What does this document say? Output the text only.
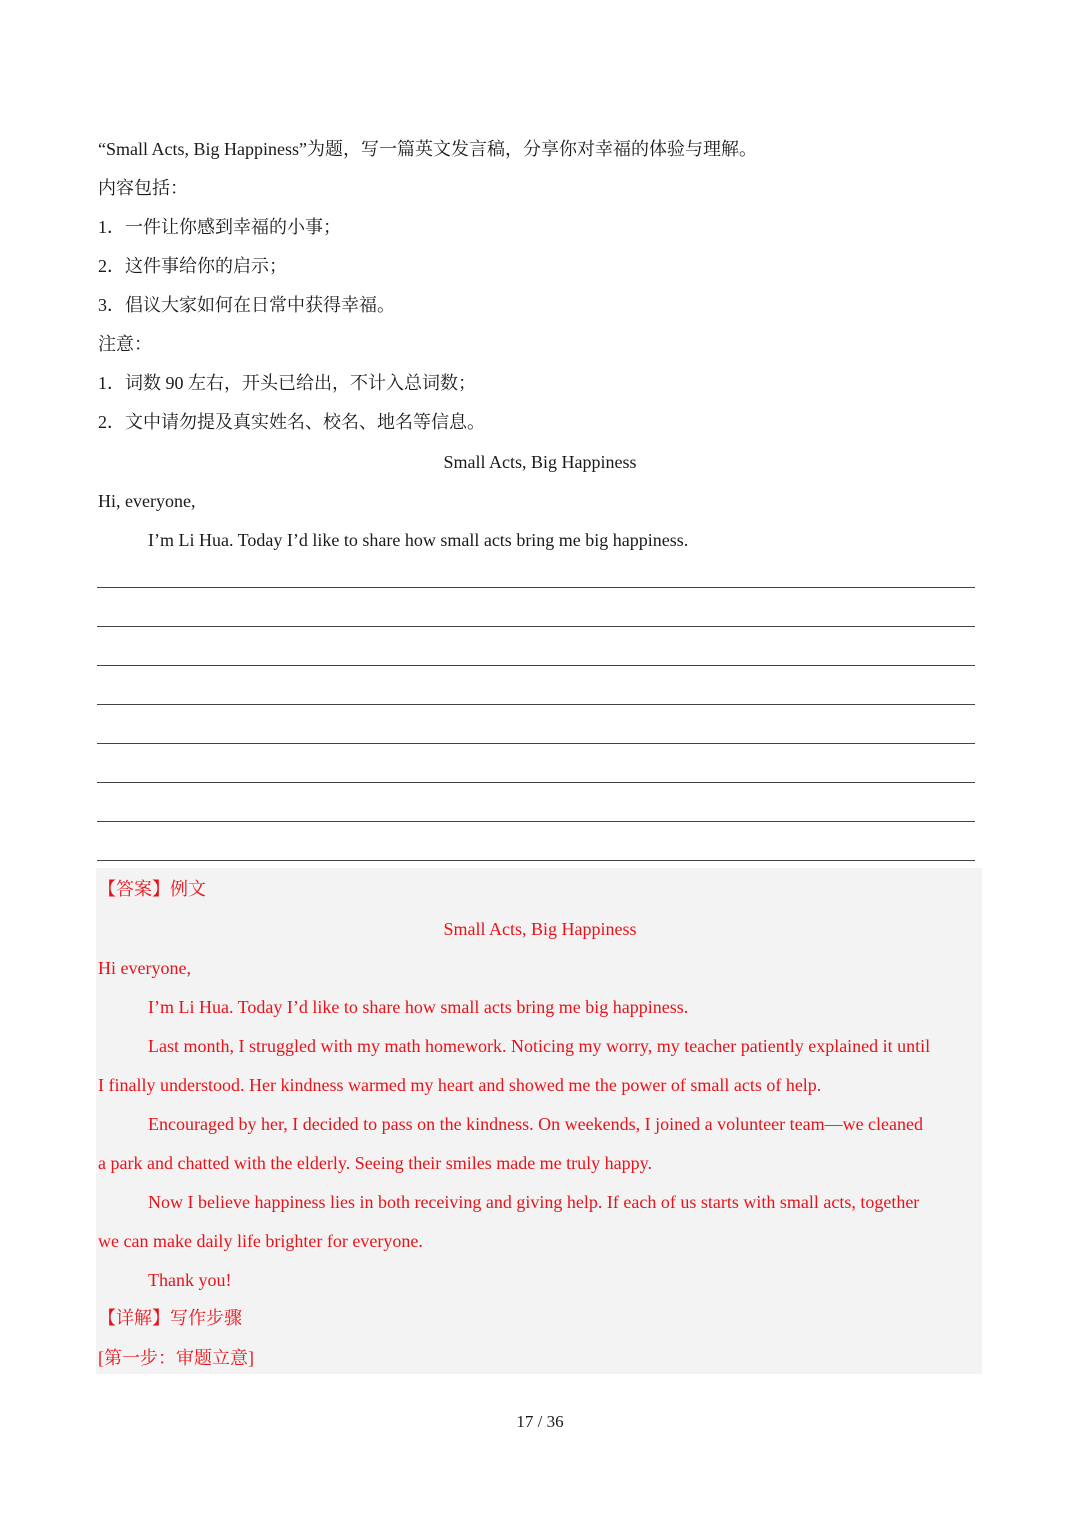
“Small Acts, Big Happiness”为题，写一篇英文发言稿，分享你对幸福的体验与理解。
内容包括：
1．一件让你感到幸福的小事；
2．这件事给你的启示；
3．倡议大家如何在日常中获得幸福。
注意：
1．词数 90 左右，开头已给出，不计入总词数；
2．文中请勿提及真实姓名、校名、地名等信息。
Small Acts, Big Happiness
Hi, everyone,
I’m Li Hua. Today I’d like to share how small acts bring me big happiness.
【答案】例文
Small Acts, Big Happiness
Hi everyone,
I’m Li Hua. Today I’d like to share how small acts bring me big happiness.
Last month, I struggled with my math homework. Noticing my worry, my teacher patiently explained it until
I finally understood. Her kindness warmed my heart and showed me the power of small acts of help.
Encouraged by her, I decided to pass on the kindness. On weekends, I joined a volunteer team—we cleaned
a park and chatted with the elderly. Seeing their smiles made me truly happy.
Now I believe happiness lies in both receiving and giving help. If each of us starts with small acts, together
we can make daily life brighter for everyone.
Thank you!
【详解】写作步骤
[第一步：审题立意]
17 / 36
